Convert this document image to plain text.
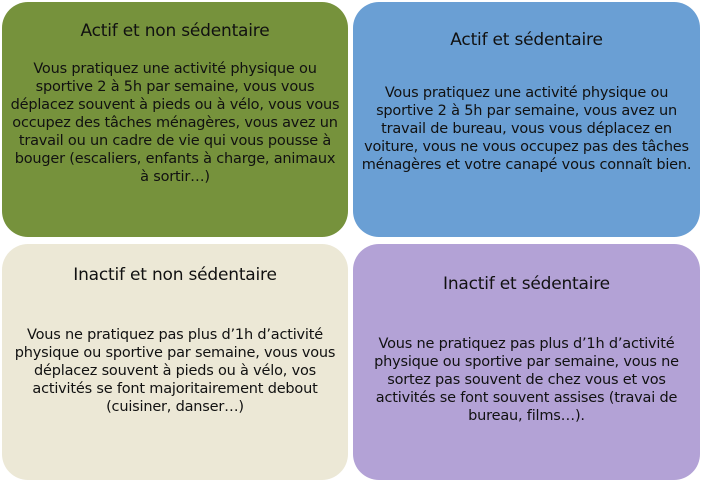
Actif et non sédentaire

Vous pratiquez une activité physique ou sportive 2 à 5h par semaine, vous vous déplacez souvent à pieds ou à vélo, vous vous occupez des tâches ménagères, vous avez un travail ou un cadre de vie qui vous pousse à bouger (escaliers, enfants à charge, animaux à sortir…)

Actif et sédentaire

Vous pratiquez une activité physique ou sportive 2 à 5h par semaine, vous avez un travail de bureau, vous vous déplacez en voiture, vous ne vous occupez pas des tâches ménagères et votre canapé vous connaît bien.

Inactif et non sédentaire

Vous ne pratiquez pas plus d’1h d’activité physique ou sportive par semaine, vous vous déplacez souvent à pieds ou à vélo, vos activités se font majoritairement debout (cuisiner, danser…)

Inactif et sédentaire

Vous ne pratiquez pas plus d’1h d’activité physique ou sportive par semaine, vous ne sortez pas souvent de chez vous et vos activités se font souvent assises (travai de bureau, films…).
